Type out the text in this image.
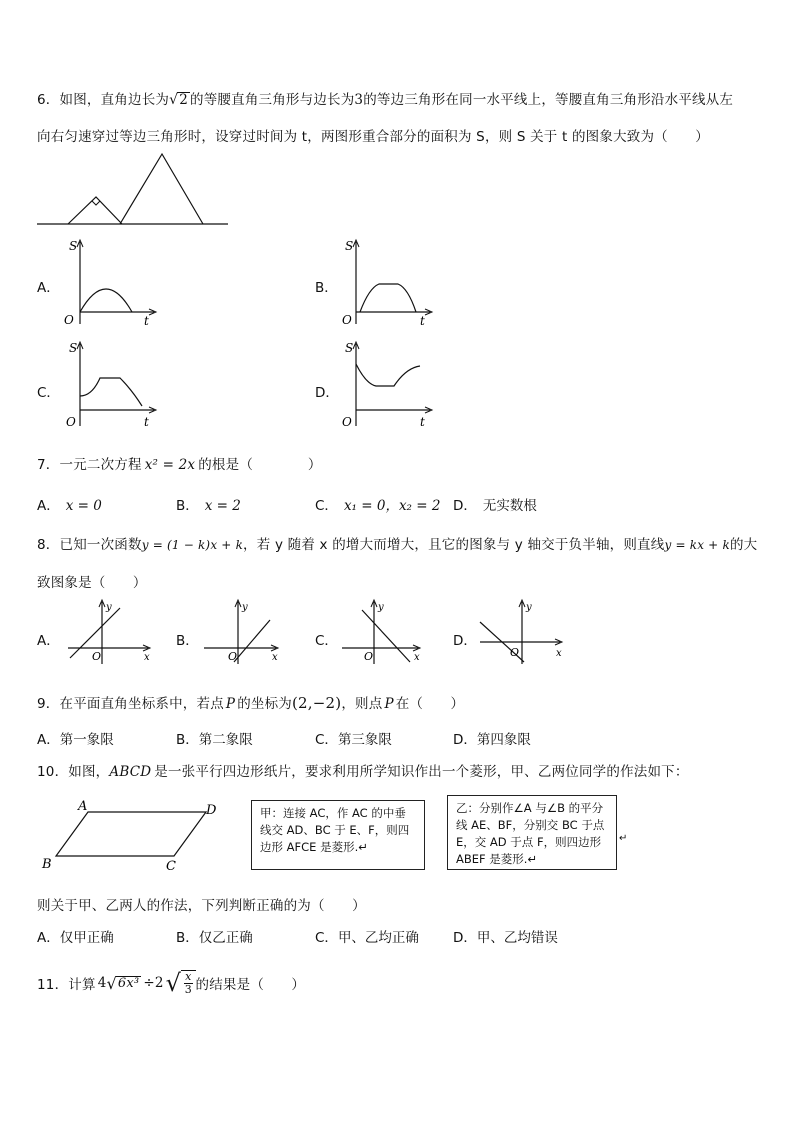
6．如图，直角边长为√2 的等腰直角三角形与边长为3的等边三角形在同一水平线上，等腰直角三角形沿水平线从左
向右匀速穿过等边三角形时，设穿过时间为 t，两图形重合部分的面积为 S，则 S 关于 t 的图象大致为（　　）
A．
S
O	t
B．
S
O	t
C．
S
O	t
D．
S
O	t
7．一元二次方程 x² = 2x 的根是（　　　　）
A． x = 0	B． x = 2	C． x₁ = 0，x₂ = 2 D． 无实数根
8．已知一次函数y = (1 − k)x + k，若 y 随着 x 的增大而增大，且它的图象与 y 轴交于负半轴，则直线y = kx + k的大
致图象是（　　）
A．
y
O	x
B．
y
O	x
C．
y
O	x
D．
y
O	x
9．在平面直角坐标系中，若点 P 的坐标为(2,−2)，则点 P 在（　　）
A．第一象限	B．第二象限	C．第三象限	D．第四象限
10．如图，ABCD 是一张平行四边形纸片，要求利用所学知识作出一个菱形，甲、乙两位同学的作法如下：
A	D
B	C
甲：连接 AC，作 AC 的中垂线交 AD、BC 于 E、F，则四边形 AFCE 是菱形.↵
乙：分别作∠A 与∠B 的平分线 AE、BF，分别交 BC 于点 E，交 AD 于点 F，则四边形 ABEF 是菱形.↵
↵
则关于甲、乙两人的作法，下列判断正确的为（　　）
A．仅甲正确	B．仅乙正确	C．甲、乙均正确	D．甲、乙均错误
11．计算 4 √ 6x³ ÷2 √ $\frac{x}{3}$ 的结果是（　　）
